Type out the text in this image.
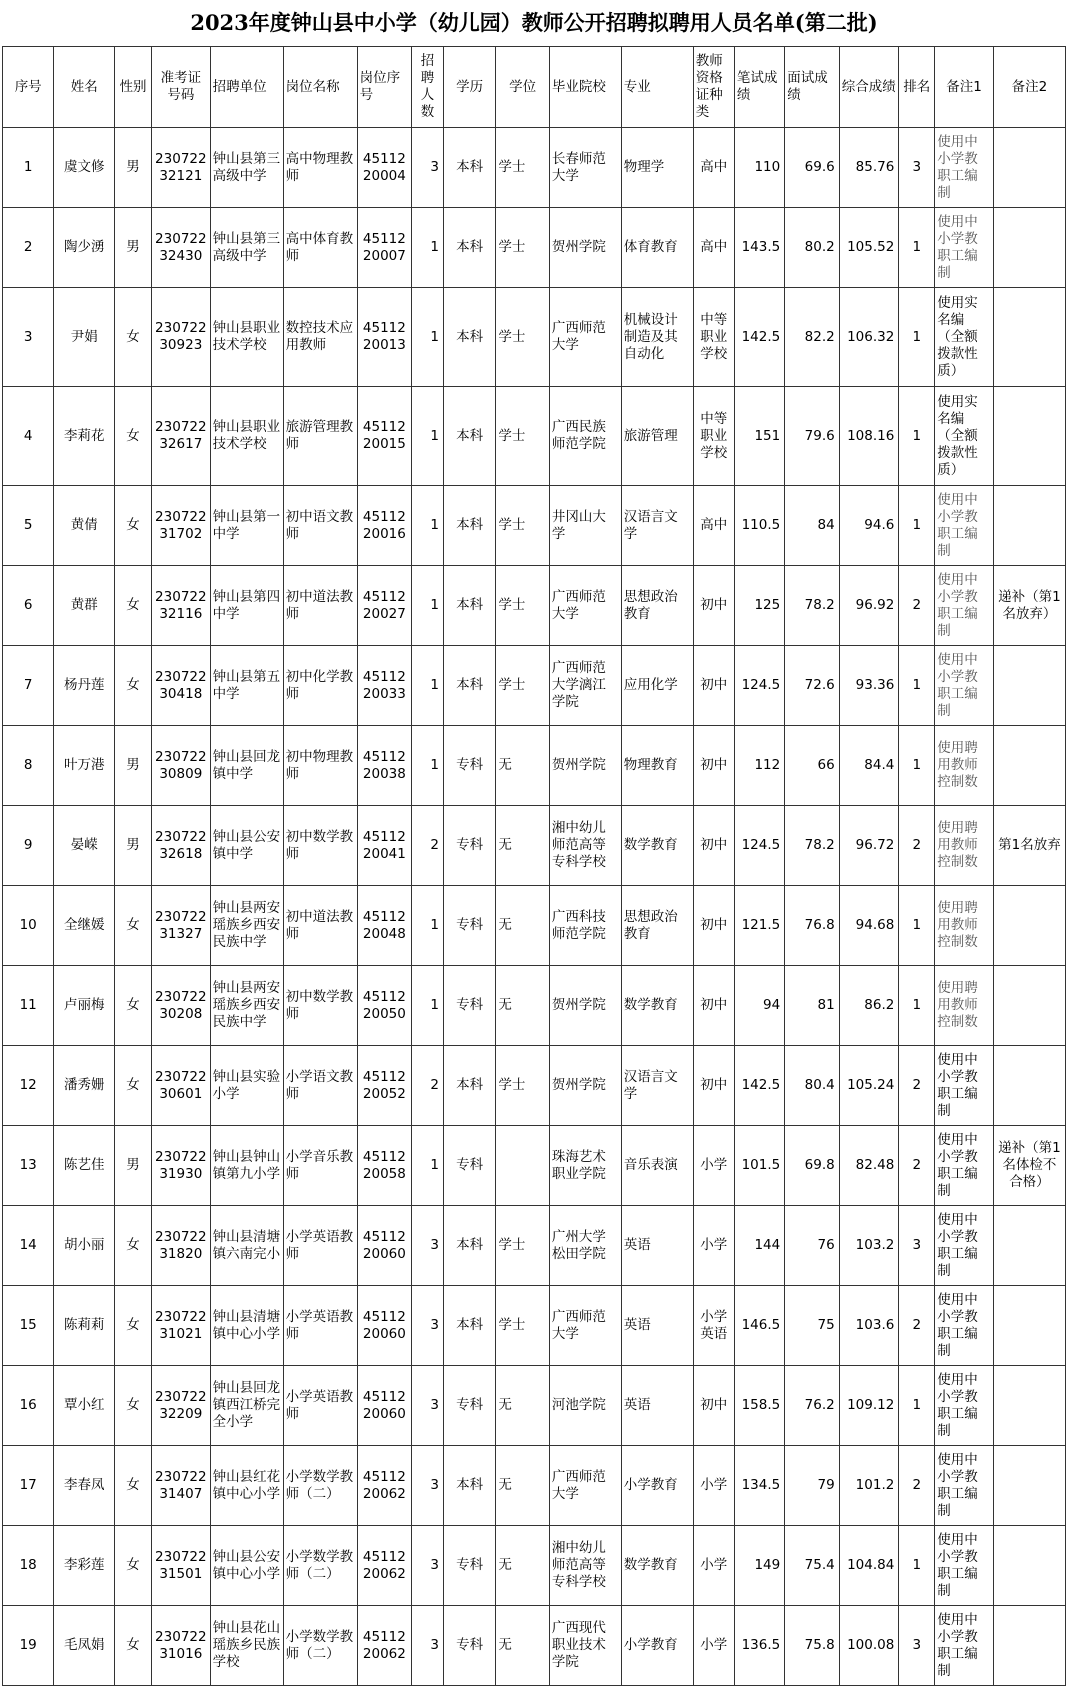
2023年度钟山县中小学（幼儿园）教师公开招聘拟聘用人员名单(第二批)
序号	姓名	性别	准考证号码	招聘单位	岗位名称	岗位序号	招聘人数	学历	学位	毕业院校	专业	教师资格证种类	笔试成绩	面试成绩	综合成绩	排名	备注1	备注2
1	虞文修	男	23072232121	钟山县第三高级中学	高中物理教师	4511220004	3	本科	学士	长春师范大学	物理学	高中	110	69.6	85.76	3	使用中小学教职工编制	
2	陶少湧	男	23072232430	钟山县第三高级中学	高中体育教师	4511220007	1	本科	学士	贺州学院	体育教育	高中	143.5	80.2	105.52	1	使用中小学教职工编制	
3	尹娟	女	23072230923	钟山县职业技术学校	数控技术应用教师	4511220013	1	本科	学士	广西师范大学	机械设计制造及其自动化	中等职业学校	142.5	82.2	106.32	1	使用实名编（全额拨款性质）	
4	李莉花	女	23072232617	钟山县职业技术学校	旅游管理教师	4511220015	1	本科	学士	广西民族师范学院	旅游管理	中等职业学校	151	79.6	108.16	1	使用实名编（全额拨款性质）	
5	黄倩	女	23072231702	钟山县第一中学	初中语文教师	4511220016	1	本科	学士	井冈山大学	汉语言文学	高中	110.5	84	94.6	1	使用中小学教职工编制	
6	黄群	女	23072232116	钟山县第四中学	初中道法教师	4511220027	1	本科	学士	广西师范大学	思想政治教育	初中	125	78.2	96.92	2	使用中小学教职工编制	递补（第1名放弃）
7	杨丹莲	女	23072230418	钟山县第五中学	初中化学教师	4511220033	1	本科	学士	广西师范大学漓江学院	应用化学	初中	124.5	72.6	93.36	1	使用中小学教职工编制	
8	叶万港	男	23072230809	钟山县回龙镇中学	初中物理教师	4511220038	1	专科	无	贺州学院	物理教育	初中	112	66	84.4	1	使用聘用教师控制数	
9	晏嵘	男	23072232618	钟山县公安镇中学	初中数学教师	4511220041	2	专科	无	湘中幼儿师范高等专科学校	数学教育	初中	124.5	78.2	96.72	2	使用聘用教师控制数	第1名放弃
10	全继媛	女	23072231327	钟山县两安瑶族乡西安民族中学	初中道法教师	4511220048	1	专科	无	广西科技师范学院	思想政治教育	初中	121.5	76.8	94.68	1	使用聘用教师控制数	
11	卢丽梅	女	23072230208	钟山县两安瑶族乡西安民族中学	初中数学教师	4511220050	1	专科	无	贺州学院	数学教育	初中	94	81	86.2	1	使用聘用教师控制数	
12	潘秀姗	女	23072230601	钟山县实验小学	小学语文教师	4511220052	2	本科	学士	贺州学院	汉语言文学	初中	142.5	80.4	105.24	2	使用中小学教职工编制	
13	陈艺佳	男	23072231930	钟山县钟山镇第九小学	小学音乐教师	4511220058	1	专科		珠海艺术职业学院	音乐表演	小学	101.5	69.8	82.48	2	使用中小学教职工编制	递补（第1名体检不合格）
14	胡小丽	女	23072231820	钟山县清塘镇六南完小	小学英语教师	4511220060	3	本科	学士	广州大学松田学院	英语	小学	144	76	103.2	3	使用中小学教职工编制	
15	陈莉莉	女	23072231021	钟山县清塘镇中心小学	小学英语教师	4511220060	3	本科	学士	广西师范大学	英语	小学英语	146.5	75	103.6	2	使用中小学教职工编制	
16	覃小红	女	23072232209	钟山县回龙镇西江桥完全小学	小学英语教师	4511220060	3	专科	无	河池学院	英语	初中	158.5	76.2	109.12	1	使用中小学教职工编制	
17	李春凤	女	23072231407	钟山县红花镇中心小学	小学数学教师（二）	4511220062	3	本科	无	广西师范大学	小学教育	小学	134.5	79	101.2	2	使用中小学教职工编制	
18	李彩莲	女	23072231501	钟山县公安镇中心小学	小学数学教师（二）	4511220062	3	专科	无	湘中幼儿师范高等专科学校	数学教育	小学	149	75.4	104.84	1	使用中小学教职工编制	
19	毛凤娟	女	23072231016	钟山县花山瑶族乡民族学校	小学数学教师（二）	4511220062	3	专科	无	广西现代职业技术学院	小学教育	小学	136.5	75.8	100.08	3	使用中小学教职工编制	
